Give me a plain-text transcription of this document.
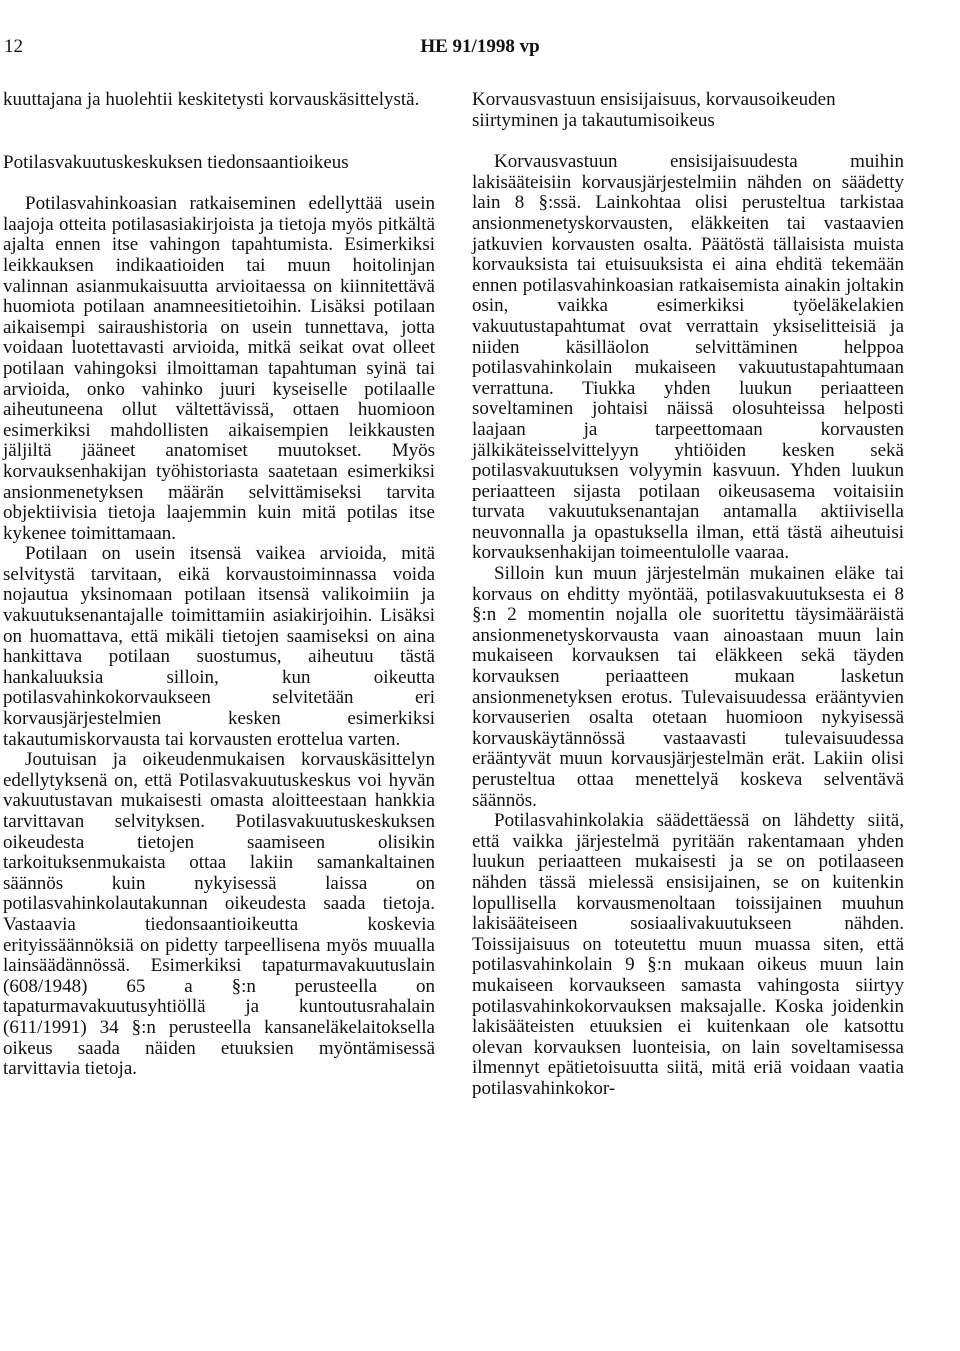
12	HE 91/1998 vp

kuuttajana ja huolehtii keskitetysti korvauskäsittelystä.

Potilasvakuutuskeskuksen tiedonsaantioikeus

Potilasvahinkoasian ratkaiseminen edellyttää usein laajoja otteita potilasasiakirjoista ja tietoja myös pitkältä ajalta ennen itse vahingon tapahtumista. Esimerkiksi leikkauksen indikaatioiden tai muun hoitolinjan valinnan asianmukaisuutta arvioitaessa on kiinnitettävä huomiota potilaan anamneesitietoihin. Lisäksi potilaan aikaisempi sairaushistoria on usein tunnettava, jotta voidaan luotettavasti arvioida, mitkä seikat ovat olleet potilaan vahingoksi ilmoittaman tapahtuman syinä tai arvioida, onko vahinko juuri kyseiselle potilaalle aiheutuneena ollut vältettävissä, ottaen huomioon esimerkiksi mahdollisten aikaisempien leikkausten jäljiltä jääneet anatomiset muutokset. Myös korvauksenhakijan työhistoriasta saatetaan esimerkiksi ansionmenetyksen määrän selvittämiseksi tarvita objektiivisia tietoja laajemmin kuin mitä potilas itse kykenee toimittamaan.

Potilaan on usein itsensä vaikea arvioida, mitä selvitystä tarvitaan, eikä korvaustoiminnassa voida nojautua yksinomaan potilaan itsensä valikoimiin ja vakuutuksenantajalle toimittamiin asiakirjoihin. Lisäksi on huomattava, että mikäli tietojen saamiseksi on aina hankittava potilaan suostumus, aiheutuu tästä hankaluuksia silloin, kun oikeutta potilasvahinkokorvaukseen selvitetään eri korvausjärjestelmien kesken esimerkiksi takautumiskorvausta tai korvausten erottelua varten.

Joutuisan ja oikeudenmukaisen korvauskäsittelyn edellytyksenä on, että Potilasvakuutuskeskus voi hyvän vakuutustavan mukaisesti omasta aloitteestaan hankkia tarvittavan selvityksen. Potilasvakuutuskeskuksen oikeudesta tietojen saamiseen olisikin tarkoituksenmukaista ottaa lakiin samankaltainen säännös kuin nykyisessä laissa on potilasvahinkolautakunnan oikeudesta saada tietoja. Vastaavia tiedonsaantioikeutta koskevia erityissäännöksiä on pidetty tarpeellisena myös muualla lainsäädännössä. Esimerkiksi tapaturmavakuutuslain (608/1948) 65 a §:n perusteella on tapaturmavakuutusyhtiöllä ja kuntoutusrahalain (611/1991) 34 §:n perusteella kansaneläkelaitoksella oikeus saada näiden etuuksien myöntämisessä tarvittavia tietoja.

Korvausvastuun ensisijaisuus, korvausoikeuden siirtyminen ja takautumisoikeus

Korvausvastuun ensisijaisuudesta muihin lakisääteisiin korvausjärjestelmiin nähden on säädetty lain 8 §:ssä. Lainkohtaa olisi perusteltua tarkistaa ansionmenetyskorvausten, eläkkeiten tai vastaavien jatkuvien korvausten osalta. Päätöstä tällaisista muista korvauksista tai etuisuuksista ei aina ehditä tekemään ennen potilasvahinkoasian ratkaisemista ainakin joltakin osin, vaikka esimerkiksi työeläkelakien vakuutustapahtumat ovat verrattain yksiselitteisiä ja niiden käsilläolon selvittäminen helppoa potilasvahinkolain mukaiseen vakuutustapahtumaan verrattuna. Tiukka yhden luukun periaatteen soveltaminen johtaisi näissä olosuhteissa helposti laajaan ja tarpeettomaan korvausten jälkikäteisselvittelyyn yhtiöiden kesken sekä potilasvakuutuksen volyymin kasvuun. Yhden luukun periaatteen sijasta potilaan oikeusasema voitaisiin turvata vakuutuksenantajan antamalla aktiivisella neuvonnalla ja opastuksella ilman, että tästä aiheutuisi korvauksenhakijan toimeentulolle vaaraa.

Silloin kun muun järjestelmän mukainen eläke tai korvaus on ehditty myöntää, potilasvakuutuksesta ei 8 §:n 2 momentin nojalla ole suoritettu täysimääräistä ansionmenetyskorvausta vaan ainoastaan muun lain mukaiseen korvauksen tai eläkkeen sekä täyden korvauksen periaatteen mukaan lasketun ansionmenetyksen erotus. Tulevaisuudessa erääntyvien korvauserien osalta otetaan huomioon nykyisessä korvauskäytännössä vastaavasti tulevaisuudessa erääntyvät muun korvausjärjestelmän erät. Lakiin olisi perusteltua ottaa menettelyä koskeva selventävä säännös.

Potilasvahinkolakia säädettäessä on lähdetty siitä, että vaikka järjestelmä pyritään rakentamaan yhden luukun periaatteen mukaisesti ja se on potilaaseen nähden tässä mielessä ensisijainen, se on kuitenkin lopullisella korvausmenoltaan toissijainen muuhun lakisääteiseen sosiaalivakuutukseen nähden. Toissijaisuus on toteutettu muun muassa siten, että potilasvahinkolain 9 §:n mukaan oikeus muun lain mukaiseen korvaukseen samasta vahingosta siirtyy potilasvahinkokorvauksen maksajalle. Koska joidenkin lakisääteisten etuuksien ei kuitenkaan ole katsottu olevan korvauksen luonteisia, on lain soveltamisessa ilmennyt epätietoisuutta siitä, mitä eriä voidaan vaatia potilasvahinkokor-
